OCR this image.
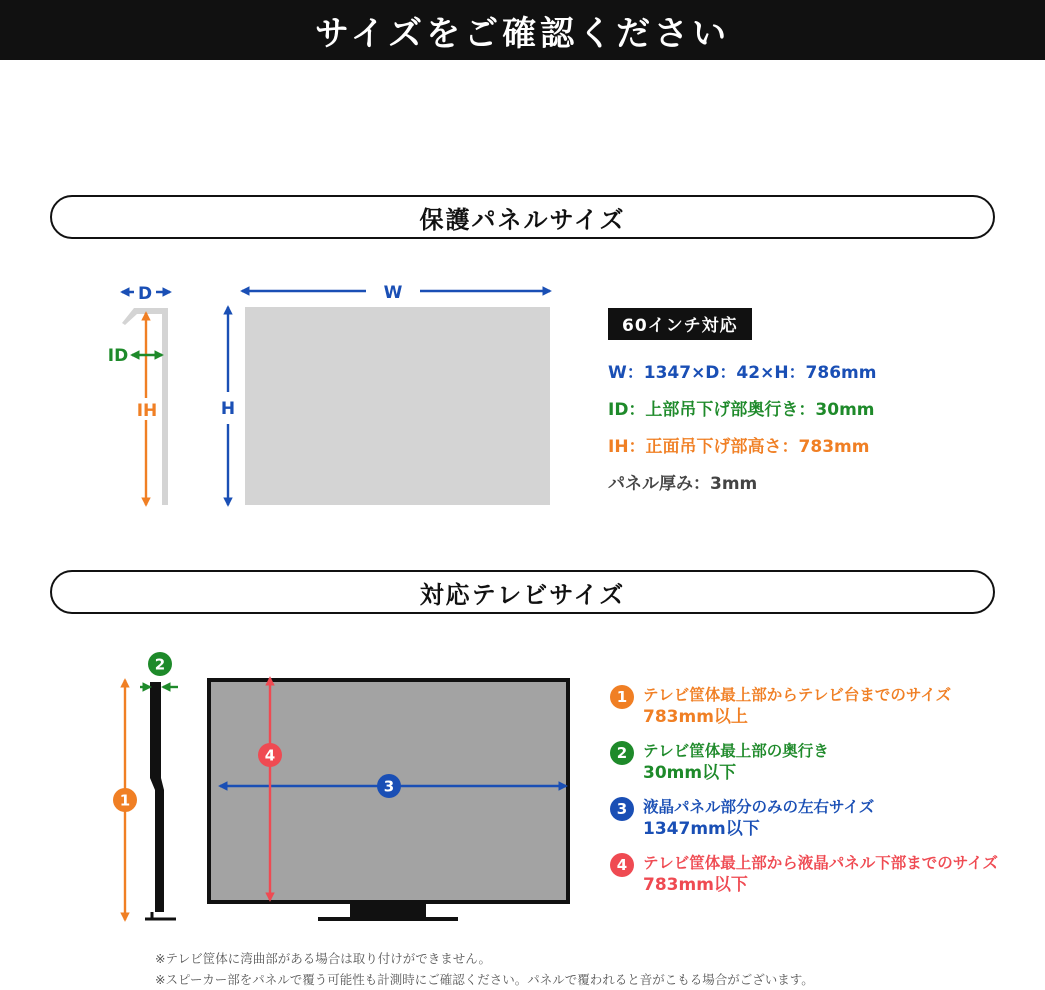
サイズをご確認ください
保護パネルサイズ
D
IH
ID
W
H
60インチ対応
W：1347×D：42×H：786mm
ID：上部吊下げ部奥行き：30mm
IH：正面吊下げ部高さ：783mm
パネル厚み：3mm
対応テレビサイズ
1
2
3
4
1	テレビ筐体最上部からテレビ台までのサイズ
783mm以上
2	テレビ筐体最上部の奥行き
30mm以下
3	液晶パネル部分のみの左右サイズ
1347mm以下
4	テレビ筐体最上部から液晶パネル下部までのサイズ
783mm以下
※テレビ筐体に湾曲部がある場合は取り付けができません。
※スピーカー部をパネルで覆う可能性も計測時にご確認ください。パネルで覆われると音がこもる場合がございます。
